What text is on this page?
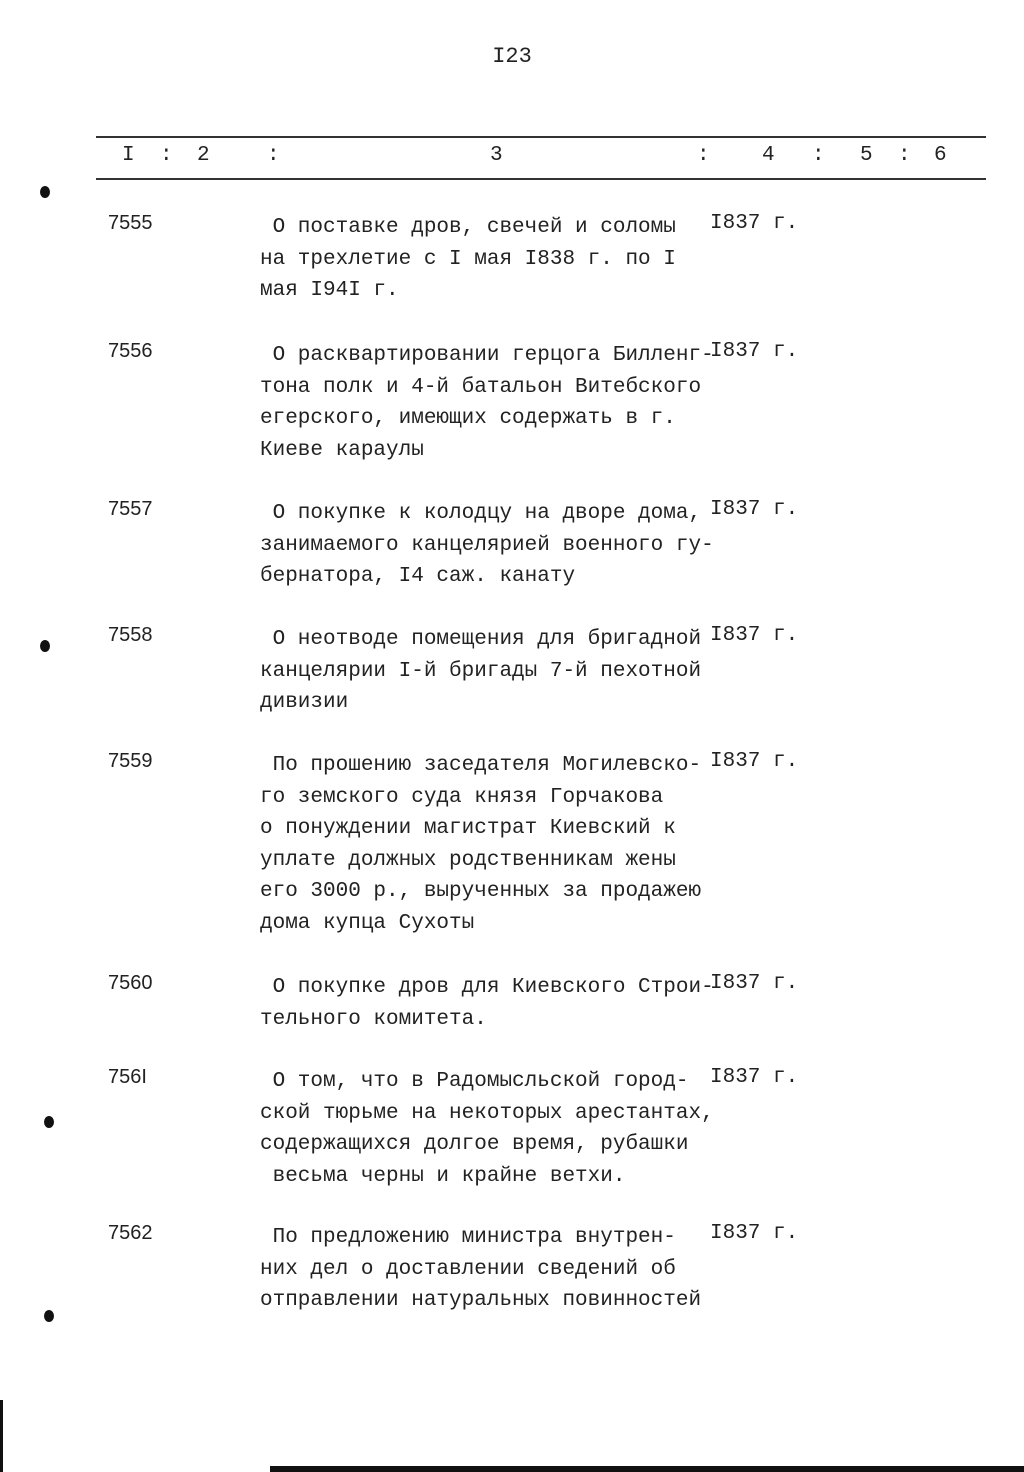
I23
I : 2	:	3	: 4 : 5 : 6
7555	О поставке дров, свечей и соломы
на трехлетие с I мая I838 г. по I
мая I94I г.
I837 г.
7556	О расквартировании герцога Билленг-
тона полк и 4-й батальон Витебского
егерского, имеющих содержать в г.
Киеве караулы
I837 г.
7557	О покупке к колодцу на дворе дома,
занимаемого канцелярией военного гу-
бернатора, I4 саж. канату
I837 г.
7558	О неотводе помещения для бригадной
канцелярии I-й бригады 7-й пехотной
дивизии
I837 г.
7559	По прошению заседателя Могилевско-
го земского суда князя Горчакова
о понуждении магистрат Киевский к
уплате должных родственникам жены
его 3000 р., вырученных за продажею
дома купца Сухоты
I837 г.
7560	О покупке дров для Киевского Строи-
тельного комитета.
I837 г.
756I	О том, что в Радомысльской город-
ской тюрьме на некоторых арестантах,
содержащихся долгое время, рубашки
весьма черны и крайне ветхи.
I837 г.
7562	По предложению министра внутрен-
них дел о доставлении сведений об
отправлении натуральных повинностей
I837 г.
